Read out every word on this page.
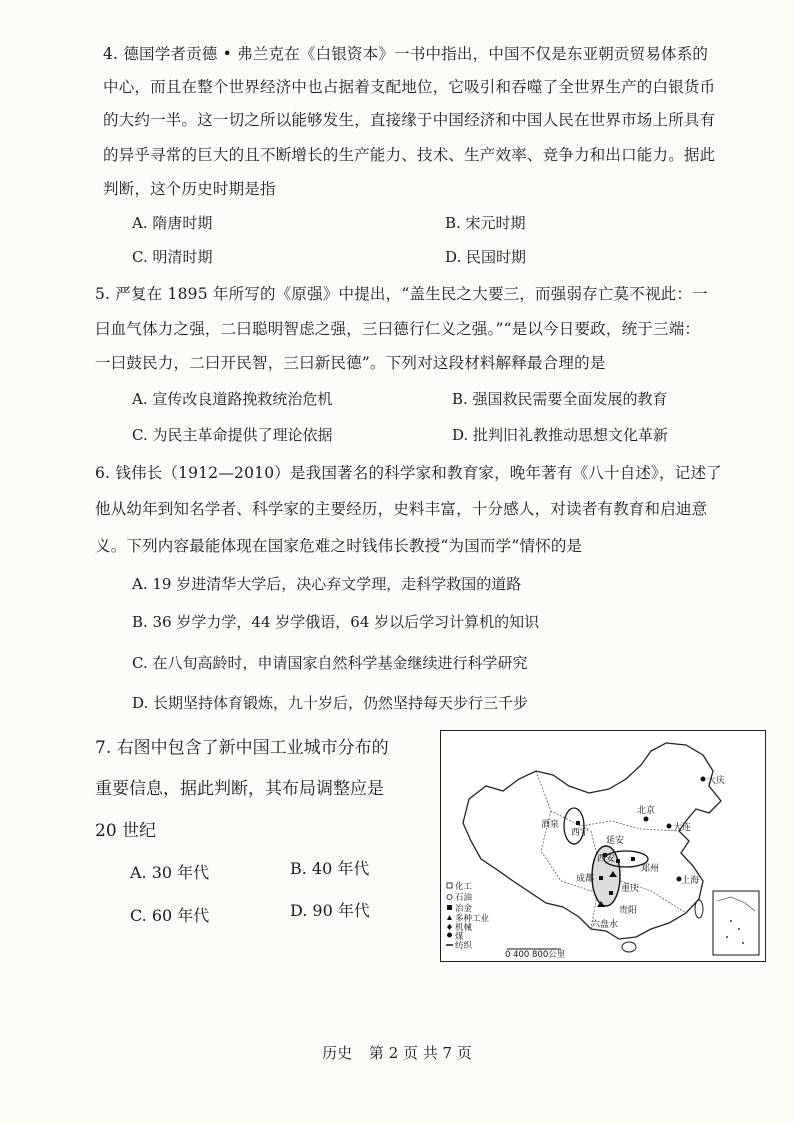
4. 德国学者贡德 • 弗兰克在《白银资本》一书中指出，中国不仅是东亚朝贡贸易体系的
中心，而且在整个世界经济中也占据着支配地位，它吸引和吞噬了全世界生产的白银货币
的大约一半。这一切之所以能够发生，直接缘于中国经济和中国人民在世界市场上所具有
的异乎寻常的巨大的且不断增长的生产能力、技术、生产效率、竞争力和出口能力。据此
判断，这个历史时期是指
A. 隋唐时期	B. 宋元时期
C. 明清时期	D. 民国时期
5. 严复在 1895 年所写的《原强》中提出，“盖生民之大要三，而强弱存亡莫不视此：一
曰血气体力之强，二曰聪明智虑之强，三曰德行仁义之强。”“是以今日要政，统于三端：
一曰鼓民力，二曰开民智，三曰新民德”。下列对这段材料解释最合理的是
A. 宣传改良道路挽救统治危机	B. 强国救民需要全面发展的教育
C. 为民主革命提供了理论依据	D. 批判旧礼教推动思想文化革新
6. 钱伟长（1912—2010）是我国著名的科学家和教育家，晚年著有《八十自述》，记述了
他从幼年到知名学者、科学家的主要经历，史料丰富，十分感人，对读者有教育和启迪意
义。下列内容最能体现在国家危难之时钱伟长教授“为国而学”情怀的是
A. 19 岁进清华大学后，决心弃文学理，走科学救国的道路
B. 36 岁学力学，44 岁学俄语，64 岁以后学习计算机的知识
C. 在八旬高龄时，申请国家自然科学基金继续进行科学研究
D. 长期坚持体育锻炼，九十岁后，仍然坚持每天步行三千步
7. 右图中包含了新中国工业城市分布的
重要信息，据此判断，其布局调整应是
20 世纪
A. 30 年代	B. 40 年代
C. 60 年代	D. 90 年代
大庆
北京
大连
酒泉
西宁
延安
西安
成都
郑州
重庆
上海
贵阳
六盘水
化工
石油
冶金
多种工业
机械
煤
纺织
0 400 800公里
历史 第 2 页 共 7 页
